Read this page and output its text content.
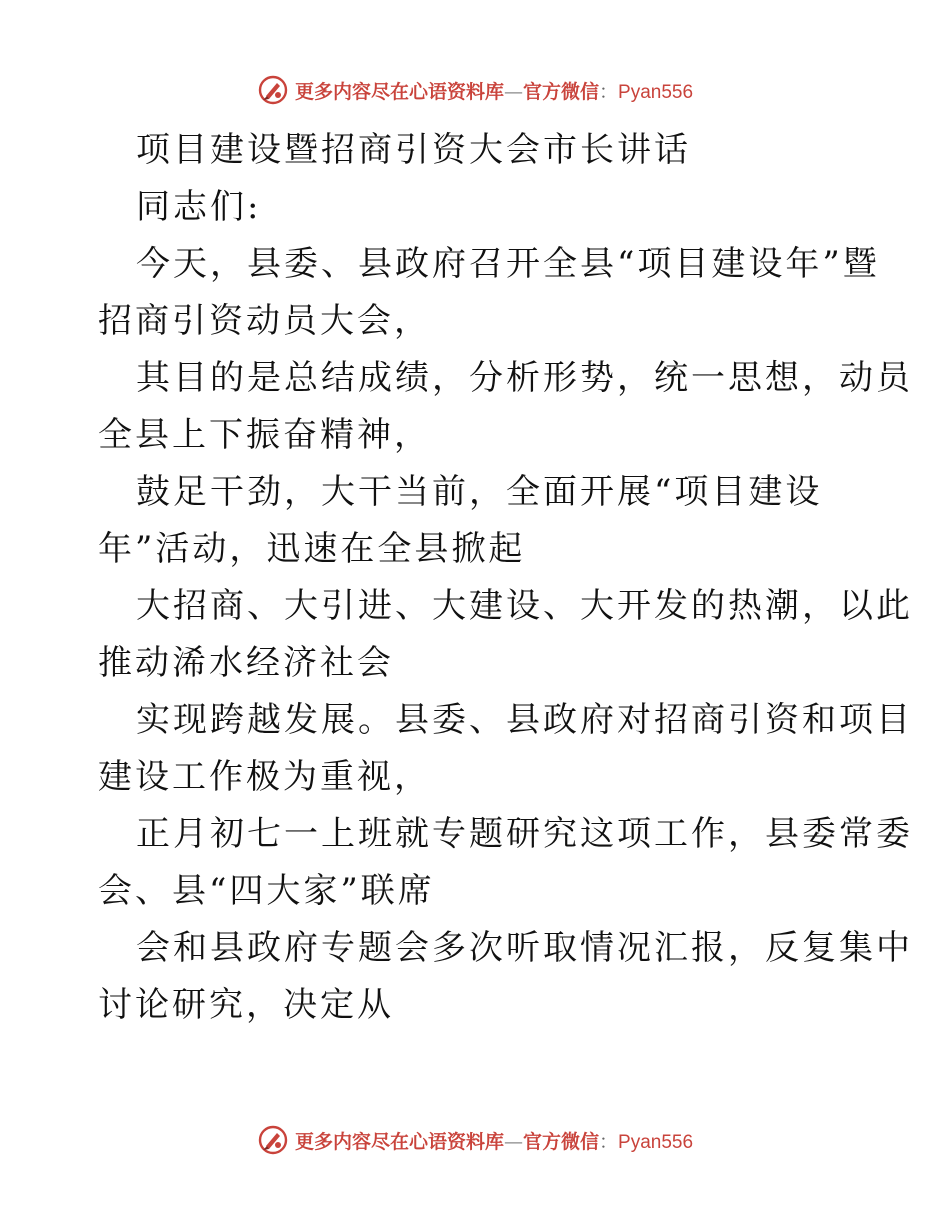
更多内容尽在心语资料库—官方微信：Pyan556
项目建设暨招商引资大会市长讲话
同志们:
今天，县委、县政府召开全县“项目建设年”暨
招商引资动员大会，
其目的是总结成绩，分析形势，统一思想，动员
全县上下振奋精神，
鼓足干劲，大干当前，全面开展“项目建设
年”活动，迅速在全县掀起
大招商、大引进、大建设、大开发的热潮，以此
推动浠水经济社会
实现跨越发展。县委、县政府对招商引资和项目
建设工作极为重视，
正月初七一上班就专题研究这项工作，县委常委
会、县“四大家”联席
会和县政府专题会多次听取情况汇报，反复集中
讨论研究，决定从
更多内容尽在心语资料库—官方微信：Pyan556
